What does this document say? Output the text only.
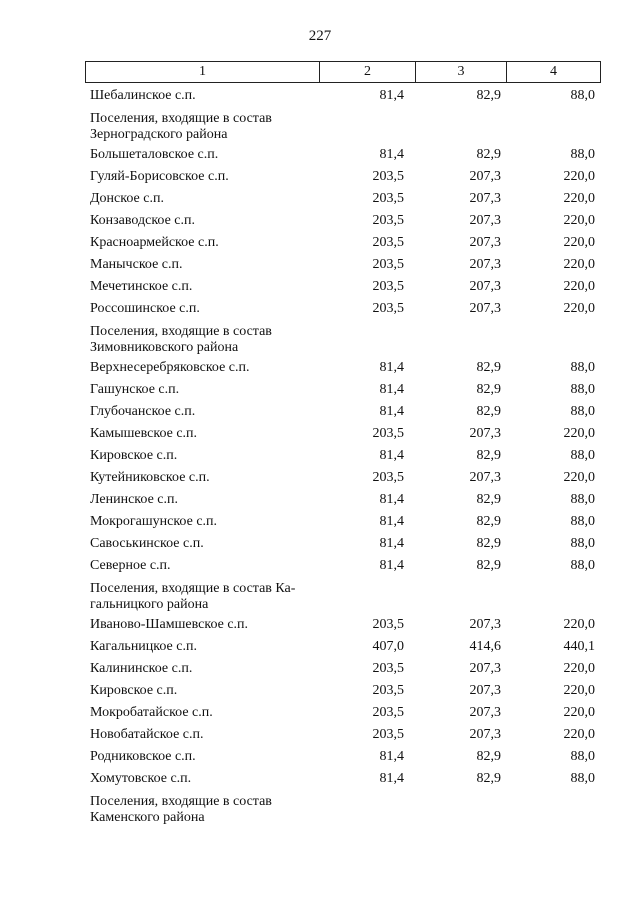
227
1	2	3	4
Шебалинское с.п.	81,4	82,9	88,0
Поселения, входящие в состав
Зерноградского района
Большеталовское с.п.	81,4	82,9	88,0
Гуляй-Борисовское с.п.	203,5	207,3	220,0
Донское с.п.	203,5	207,3	220,0
Конзаводское с.п.	203,5	207,3	220,0
Красноармейское с.п.	203,5	207,3	220,0
Манычское с.п.	203,5	207,3	220,0
Мечетинское с.п.	203,5	207,3	220,0
Россошинское с.п.	203,5	207,3	220,0
Поселения, входящие в состав
Зимовниковского района
Верхнесеребряковское с.п.	81,4	82,9	88,0
Гашунское с.п.	81,4	82,9	88,0
Глубочанское с.п.	81,4	82,9	88,0
Камышевское с.п.	203,5	207,3	220,0
Кировское с.п.	81,4	82,9	88,0
Кутейниковское с.п.	203,5	207,3	220,0
Ленинское с.п.	81,4	82,9	88,0
Мокрогашунское с.п.	81,4	82,9	88,0
Савоськинское с.п.	81,4	82,9	88,0
Северное с.п.	81,4	82,9	88,0
Поселения, входящие в состав Ка-
гальницкого района
Иваново-Шамшевское с.п.	203,5	207,3	220,0
Кагальницкое с.п.	407,0	414,6	440,1
Калининское с.п.	203,5	207,3	220,0
Кировское с.п.	203,5	207,3	220,0
Мокробатайское с.п.	203,5	207,3	220,0
Новобатайское с.п.	203,5	207,3	220,0
Родниковское с.п.	81,4	82,9	88,0
Хомутовское с.п.	81,4	82,9	88,0
Поселения, входящие в состав
Каменского района
